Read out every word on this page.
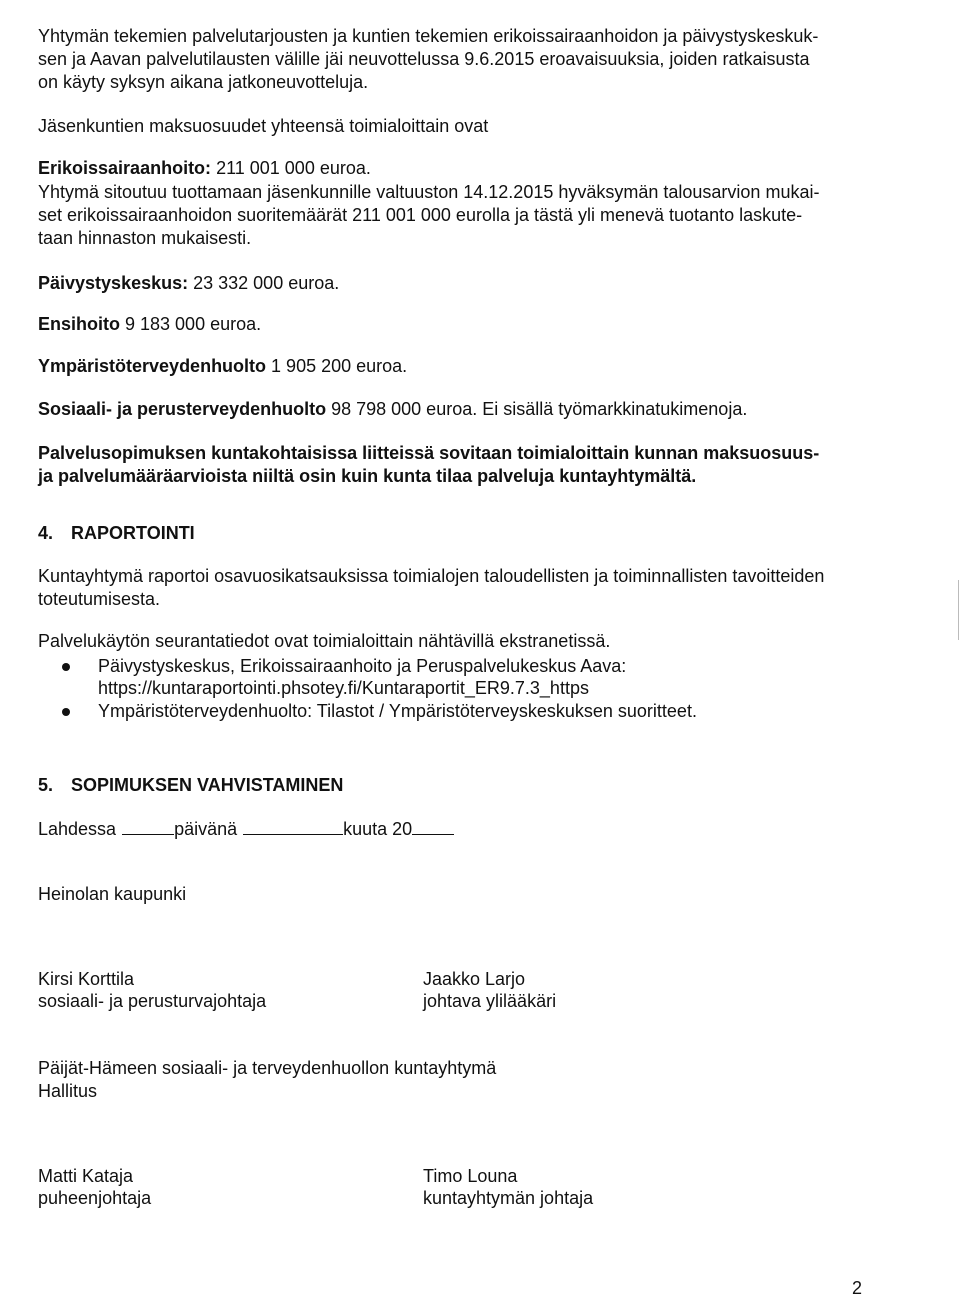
Yhtymän tekemien palvelutarjousten ja kuntien tekemien erikoissairaanhoidon ja päivystyskeskuk-

sen ja Aavan palvelutilausten välille jäi neuvottelussa 9.6.2015 eroavaisuuksia, joiden ratkaisusta

on käyty syksyn aikana jatkoneuvotteluja.

Jäsenkuntien maksuosuudet yhteensä toimialoittain ovat

Erikoissairaanhoito: 211 001 000 euroa.

Yhtymä sitoutuu tuottamaan jäsenkunnille valtuuston 14.12.2015 hyväksymän talousarvion mukai-

set erikoissairaanhoidon suoritemäärät 211 001 000 eurolla ja tästä yli menevä tuotanto laskute-

taan hinnaston mukaisesti.

Päivystyskeskus: 23 332 000 euroa.

Ensihoito 9 183 000 euroa.

Ympäristöterveydenhuolto 1 905 200 euroa.

Sosiaali- ja perusterveydenhuolto 98 798 000 euroa. Ei sisällä työmarkkinatukimenoja.

Palvelusopimuksen kuntakohtaisissa liitteissä sovitaan toimialoittain kunnan maksuosuus-

ja palvelumääräarvioista niiltä osin kuin kunta tilaa palveluja kuntayhtymältä.

4. RAPORTOINTI

Kuntayhtymä raportoi osavuosikatsauksissa toimialojen taloudellisten ja toiminnallisten tavoitteiden

toteutumisesta.

Palvelukäytön seurantatiedot ovat toimialoittain nähtävillä ekstranetissä.

Päivystyskeskus, Erikoissairaanhoito ja Peruspalvelukeskus Aava:

https://kuntaraportointi.phsotey.fi/Kuntaraportit_ER9.7.3_https

Ympäristöterveydenhuolto: Tilastot / Ympäristöterveyskeskuksen suoritteet.

5. SOPIMUKSEN VAHVISTAMINEN

Lahdessa	päivänä	kuuta 20

Heinolan kaupunki

Kirsi Korttila
sosiaali- ja perusturvajohtaja
Jaakko Larjo
johtava ylilääkäri

Päijät-Hämeen sosiaali- ja terveydenhuollon kuntayhtymä

Hallitus

Matti Kataja
puheenjohtaja
Timo Louna
kuntayhtymän johtaja
2
